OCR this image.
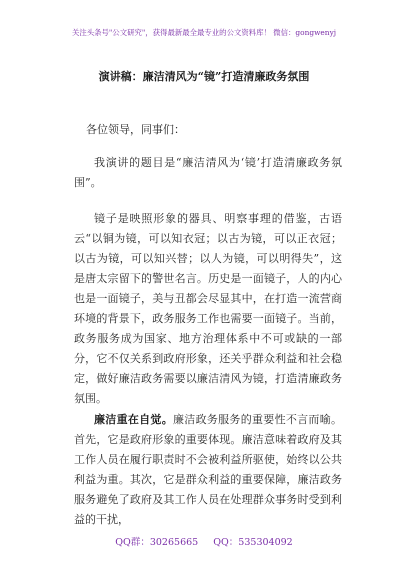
关注头条号"公文研究"，获得最新最全最专业的公文资料库！ 微信：gongwenyj
演讲稿：廉洁清风为“镜”打造清廉政务氛围
各位领导，同事们：
我演讲的题目是“廉洁清风为‘镜’打造清廉政务氛围”。
镜子是映照形象的器具、明察事理的借鉴，古语云“以铜为镜，可以知衣冠；以古为镜，可以正衣冠；以古为镜，可以知兴替；以人为镜，可以明得失”，这是唐太宗留下的警世名言。历史是一面镜子，人的内心也是一面镜子，美与丑都会尽显其中，在打造一流营商环境的背景下，政务服务工作也需要一面镜子。当前，政务服务成为国家、地方治理体系中不可或缺的一部分，它不仅关系到政府形象，还关乎群众利益和社会稳定，做好廉洁政务需要以廉洁清风为镜，打造清廉政务氛围。
廉洁重在自觉。廉洁政务服务的重要性不言而喻。首先，它是政府形象的重要体现。廉洁意味着政府及其工作人员在履行职责时不会被利益所驱使，始终以公共利益为重。其次，它是群众利益的重要保障，廉洁政务服务避免了政府及其工作人员在处理群众事务时受到利益的干扰，
QQ群：30265665 QQ：535304092
